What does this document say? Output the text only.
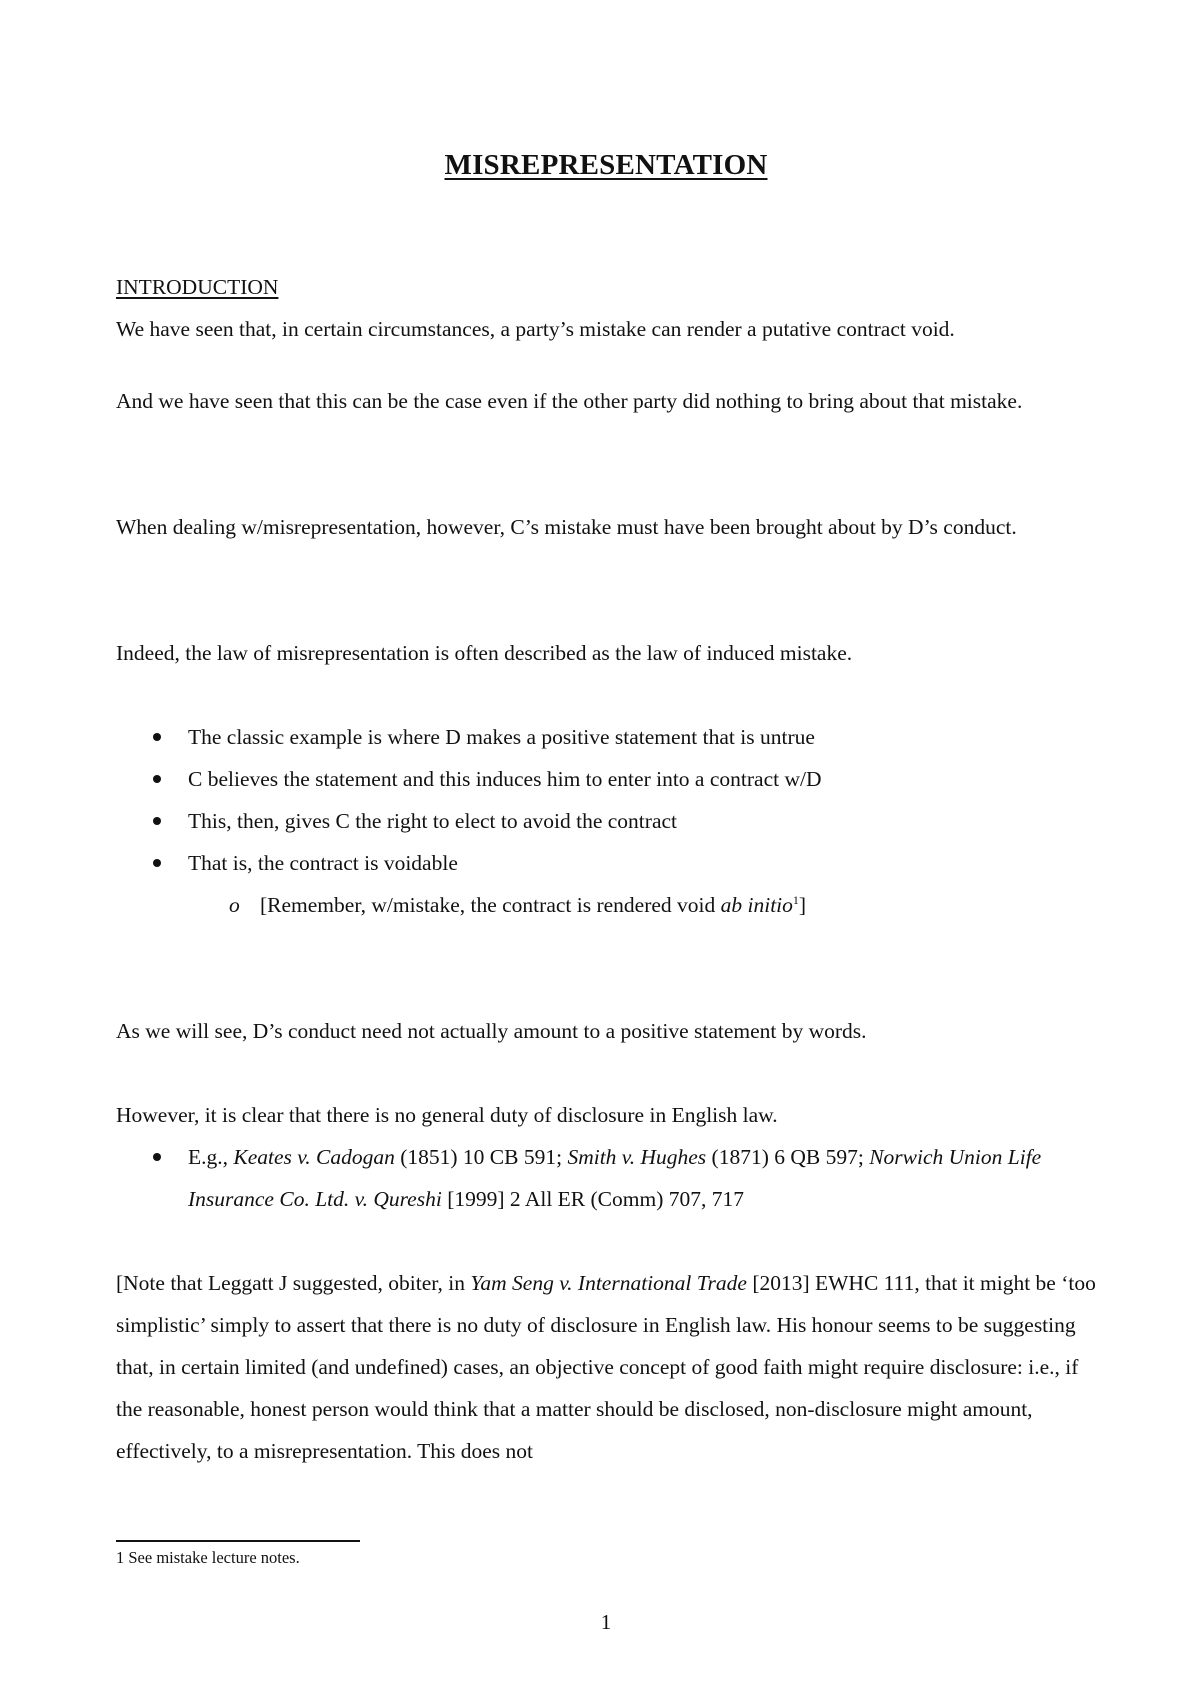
MISREPRESENTATION

INTRODUCTION
We have seen that, in certain circumstances, a party’s mistake can render a putative contract void.

And we have seen that this can be the case even if the other party did nothing to bring about that mistake.

When dealing w/misrepresentation, however, C’s mistake must have been brought about by D’s conduct.

Indeed, the law of misrepresentation is often described as the law of induced mistake.

The classic example is where D makes a positive statement that is untrue
C believes the statement and this induces him to enter into a contract w/D
This, then, gives C the right to elect to avoid the contract
That is, the contract is voidable
o [Remember, w/mistake, the contract is rendered void ab initio$^1$]

As we will see, D’s conduct need not actually amount to a positive statement by words.

However, it is clear that there is no general duty of disclosure in English law.

E.g., Keates v. Cadogan (1851) 10 CB 591; Smith v. Hughes (1871) 6 QB 597; Norwich Union Life Insurance Co. Ltd. v. Qureshi [1999] 2 All ER (Comm) 707, 717

[Note that Leggatt J suggested, obiter, in Yam Seng v. International Trade [2013] EWHC 111, that it might be ‘too simplistic’ simply to assert that there is no duty of disclosure in English law. His honour seems to be suggesting that, in certain limited (and undefined) cases, an objective concept of good faith might require disclosure: i.e., if the reasonable, honest person would think that a matter should be disclosed, non-disclosure might amount, effectively, to a misrepresentation. This does not

1 See mistake lecture notes.

1
